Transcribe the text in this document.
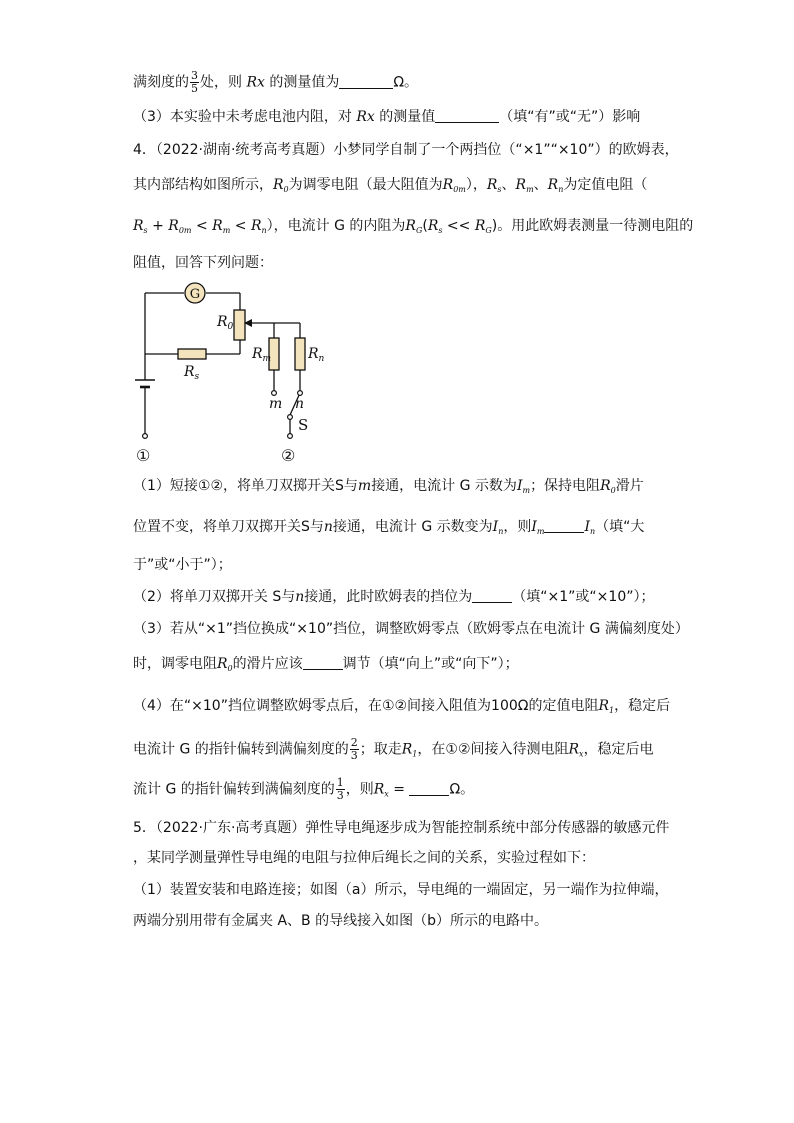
满刻度的 $\frac{3}{5}$ 处，则 Rx 的测量值为	Ω。
（3）本实验中未考虑电池内阻，对 Rx 的测量值	（填“有”或“无”）影响
4．（2022·湖南·统考高考真题）小梦同学自制了一个两挡位（“×1”“×10”）的欧姆表，
其内部结构如图所示，$R_0$为调零电阻（最大阻值为$R_{0m}$），$R_s$、$R_m$、$R_n$为定值电阻（
$R_s + R_{0m} < R_m < R_n$），电流计 G 的内阻为$R_G(R_s << R_G)$。用此欧姆表测量一待测电阻的
阻值，回答下列问题：
G
$R_0$
$R_s$
$R_m$	$R_n$
m n
S
①	②
（1）短接①②，将单刀双掷开关S与m接通，电流计 G 示数为$I_m$；保持电阻$R_0$滑片
位置不变，将单刀双掷开关S与n接通，电流计 G 示数变为$I_n$，则$I_m$	$I_n$（填“大
于”或“小于”）；
（2）将单刀双掷开关 S与n接通，此时欧姆表的挡位为	（填“×1”或“×10”）；
（3）若从“×1”挡位换成“×10”挡位，调整欧姆零点（欧姆零点在电流计 G 满偏刻度处）
时，调零电阻$R_0$的滑片应该	调节（填“向上”或“向下”）；
（4）在“×10”挡位调整欧姆零点后，在①②间接入阻值为100Ω的定值电阻$R_1$，稳定后
电流计 G 的指针偏转到满偏刻度的 $\frac{2}{3}$ ；取走$R_1$，在①②间接入待测电阻$R_x$，稳定后电
流计 G 的指针偏转到满偏刻度的 $\frac{1}{3}$ ，则$R_x$ =	Ω。
5．（2022·广东·高考真题）弹性导电绳逐步成为智能控制系统中部分传感器的敏感元件
，某同学测量弹性导电绳的电阻与拉伸后绳长之间的关系，实验过程如下：
（1）装置安装和电路连接；如图（a）所示，导电绳的一端固定，另一端作为拉伸端，
两端分别用带有金属夹 A、B 的导线接入如图（b）所示的电路中。
